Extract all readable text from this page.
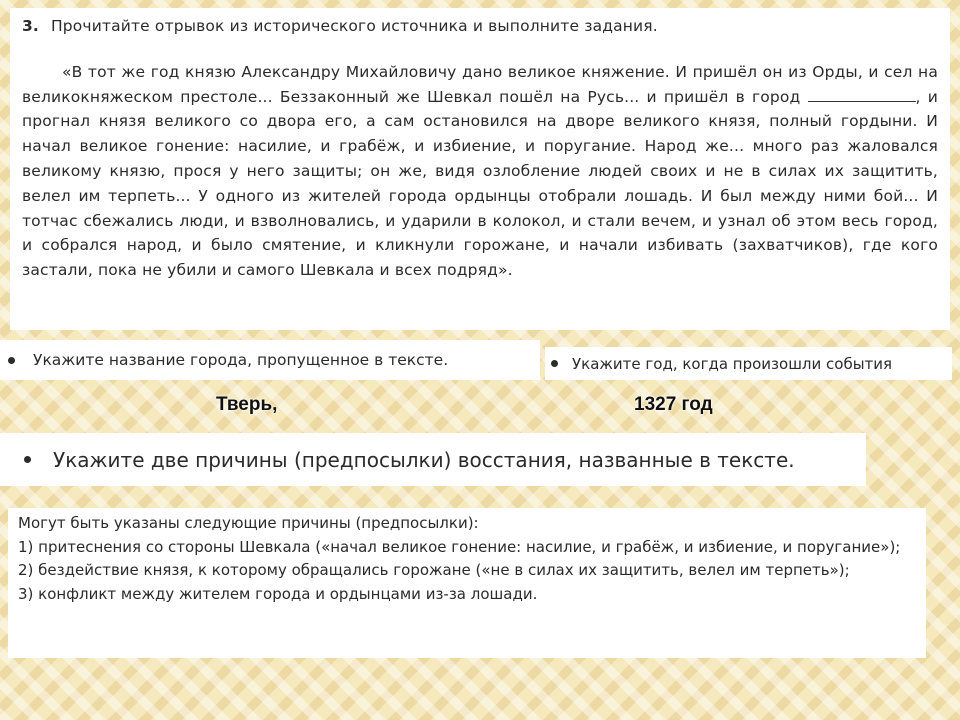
3. Прочитайте отрывок из исторического источника и выполните задания.

«В тот же год князю Александру Михайловичу дано великое княжение. И пришёл он из Орды, и сел на великокняжеском престоле... Беззаконный же Шевкал пошёл на Русь... и пришёл в город	, и прогнал князя великого со двора его, а сам остановился на дворе великого князя, полный гордыни. И начал великое гонение: насилие, и грабёж, и избиение, и поругание. Народ же... много раз жаловался великому князю, прося у него защиты; он же, видя озлобление людей своих и не в силах их защитить, велел им терпеть... У одного из жителей города ордынцы отобрали лошадь. И был между ними бой... И тотчас сбежались люди, и взволновались, и ударили в колокол, и стали вечем, и узнал об этом весь город, и собрался народ, и было смятение, и кликнули горожане, и начали избивать (захватчиков), где кого застали, пока не убили и самого Шевкала и всех подряд».

Укажите название города, пропущенное в тексте.	Укажите год, когда произошли события
Тверь,	1327 год
Укажите две причины (предпосылки) восстания, названные в тексте.

Могут быть указаны следующие причины (предпосылки):

1) притеснения со стороны Шевкала («начал великое гонение: насилие, и грабёж, и избиение, и поругание»);

2) бездействие князя, к которому обращались горожане («не в силах их защитить, велел им терпеть»);

3) конфликт между жителем города и ордынцами из-за лошади.
